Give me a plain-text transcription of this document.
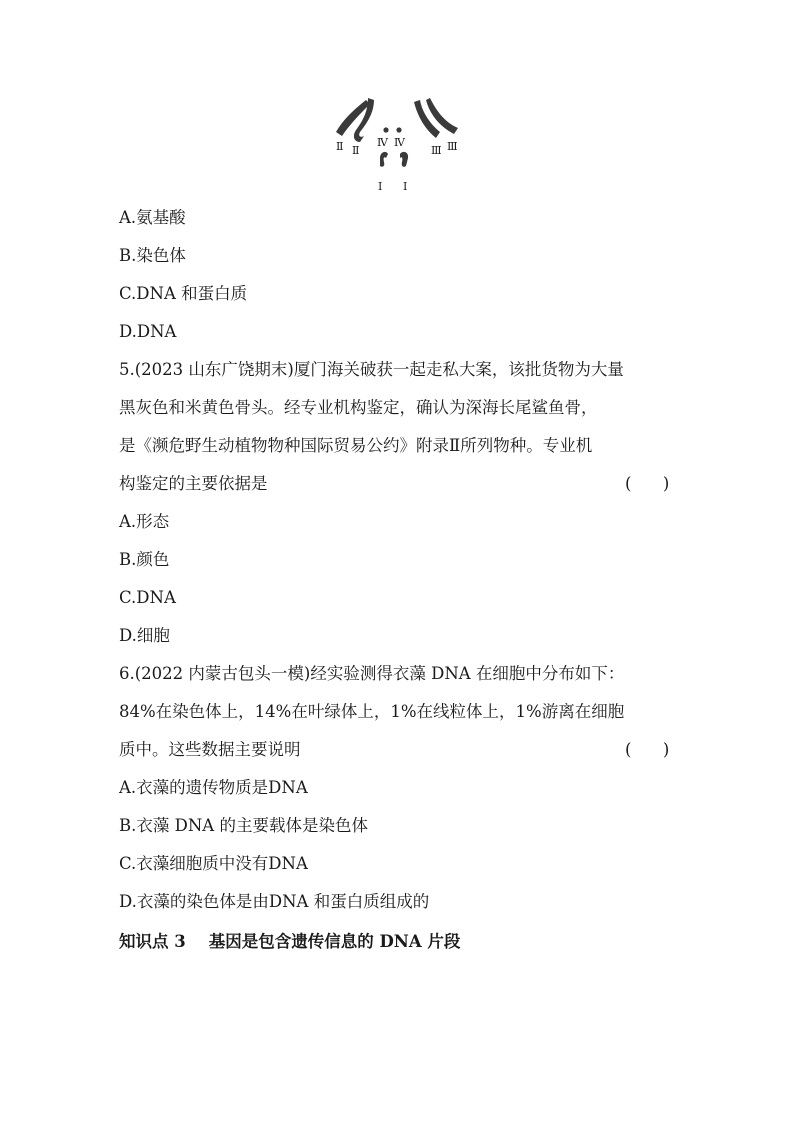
Ⅱ Ⅱ
Ⅳ Ⅳ
Ⅲ Ⅲ
Ⅰ Ⅰ
A.氨基酸
B.染色体
C.DNA 和蛋白质
D.DNA
5.(2023 山东广饶期末)厦门海关破获一起走私大案，该批货物为大量
黑灰色和米黄色骨头。经专业机构鉴定，确认为深海长尾鲨鱼骨，
是《濒危野生动植物物种国际贸易公约》附录Ⅱ所列物种。专业机
构鉴定的主要依据是	(      )
A.形态
B.颜色
C.DNA
D.细胞
6.(2022 内蒙古包头一模)经实验测得衣藻 DNA 在细胞中分布如下：
84%在染色体上，14%在叶绿体上，1%在线粒体上，1%游离在细胞
质中。这些数据主要说明	(      )
A.衣藻的遗传物质是DNA
B.衣藻 DNA 的主要载体是染色体
C.衣藻细胞质中没有DNA
D.衣藻的染色体是由DNA 和蛋白质组成的
知识点 3    基因是包含遗传信息的 DNA 片段
